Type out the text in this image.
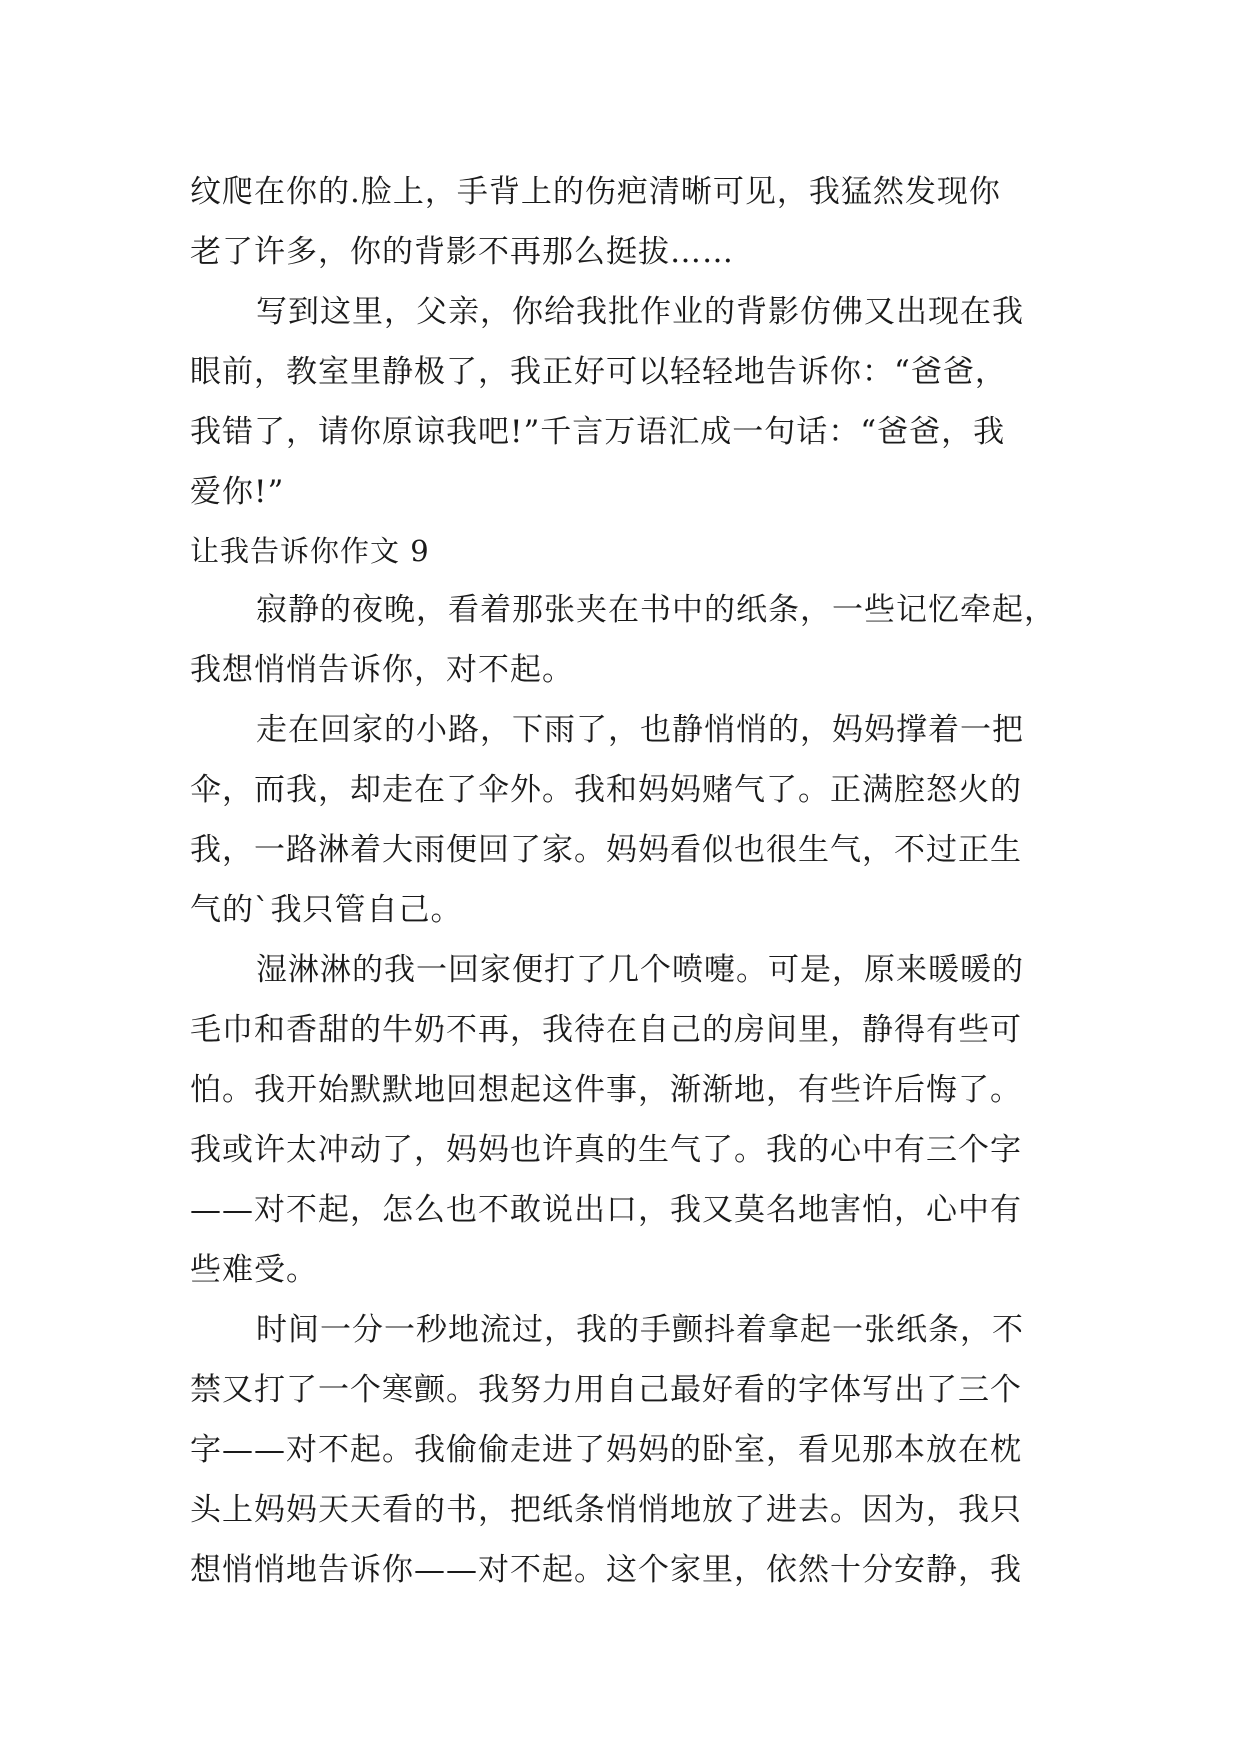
纹爬在你的.脸上，手背上的伤疤清晰可见，我猛然发现你
老了许多，你的背影不再那么挺拔……
写到这里，父亲，你给我批作业的背影仿佛又出现在我
眼前，教室里静极了，我正好可以轻轻地告诉你：“爸爸，
我错了，请你原谅我吧!”千言万语汇成一句话：“爸爸，我
爱你!”
让我告诉你作文 9
寂静的夜晚，看着那张夹在书中的纸条，一些记忆牵起，
我想悄悄告诉你，对不起。
走在回家的小路，下雨了，也静悄悄的，妈妈撑着一把
伞，而我，却走在了伞外。我和妈妈赌气了。正满腔怒火的
我，一路淋着大雨便回了家。妈妈看似也很生气，不过正生
气的`我只管自己。
湿淋淋的我一回家便打了几个喷嚏。可是，原来暖暖的
毛巾和香甜的牛奶不再，我待在自己的房间里，静得有些可
怕。我开始默默地回想起这件事，渐渐地，有些许后悔了。
我或许太冲动了，妈妈也许真的生气了。我的心中有三个字
——对不起，怎么也不敢说出口，我又莫名地害怕，心中有
些难受。
时间一分一秒地流过，我的手颤抖着拿起一张纸条，不
禁又打了一个寒颤。我努力用自己最好看的字体写出了三个
字——对不起。我偷偷走进了妈妈的卧室，看见那本放在枕
头上妈妈天天看的书，把纸条悄悄地放了进去。因为，我只
想悄悄地告诉你——对不起。这个家里，依然十分安静，我
